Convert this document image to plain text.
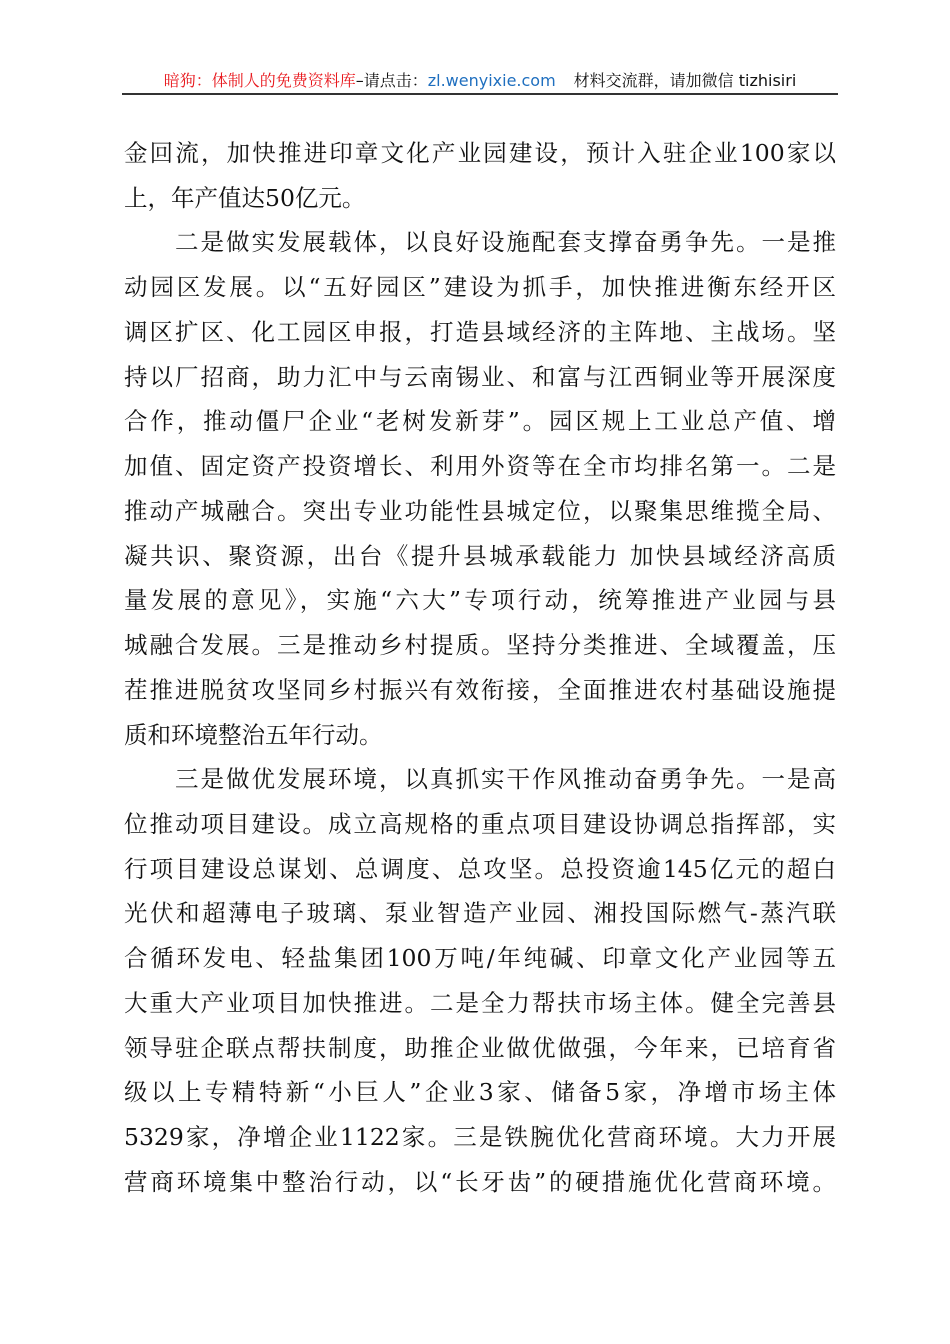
暗狗：体制人的免费资料库–请点击：zl.wenyixie.com 材料交流群，请加微信 tizhisiri
金回流，加快推进印章文化产业园建设，预计入驻企业100家以
上，年产值达50亿元。
　　二是做实发展载体，以良好设施配套支撑奋勇争先。一是推
动园区发展。以“五好园区”建设为抓手，加快推进衡东经开区
调区扩区、化工园区申报，打造县域经济的主阵地、主战场。坚
持以厂招商，助力汇中与云南锡业、和富与江西铜业等开展深度
合作，推动僵尸企业“老树发新芽”。园区规上工业总产值、增
加值、固定资产投资增长、利用外资等在全市均排名第一。二是
推动产城融合。突出专业功能性县城定位，以聚集思维揽全局、
凝共识、聚资源，出台《提升县城承载能力 加快县域经济高质
量发展的意见》，实施“六大”专项行动，统筹推进产业园与县
城融合发展。三是推动乡村提质。坚持分类推进、全域覆盖，压
茬推进脱贫攻坚同乡村振兴有效衔接，全面推进农村基础设施提
质和环境整治五年行动。
　　三是做优发展环境，以真抓实干作风推动奋勇争先。一是高
位推动项目建设。成立高规格的重点项目建设协调总指挥部，实
行项目建设总谋划、总调度、总攻坚。总投资逾145亿元的超白
光伏和超薄电子玻璃、泵业智造产业园、湘投国际燃气-蒸汽联
合循环发电、轻盐集团100万吨/年纯碱、印章文化产业园等五
大重大产业项目加快推进。二是全力帮扶市场主体。健全完善县
领导驻企联点帮扶制度，助推企业做优做强，今年来，已培育省
级以上专精特新“小巨人”企业3家、储备5家，净增市场主体
5329家，净增企业1122家。三是铁腕优化营商环境。大力开展
营商环境集中整治行动，以“长牙齿”的硬措施优化营商环境。
